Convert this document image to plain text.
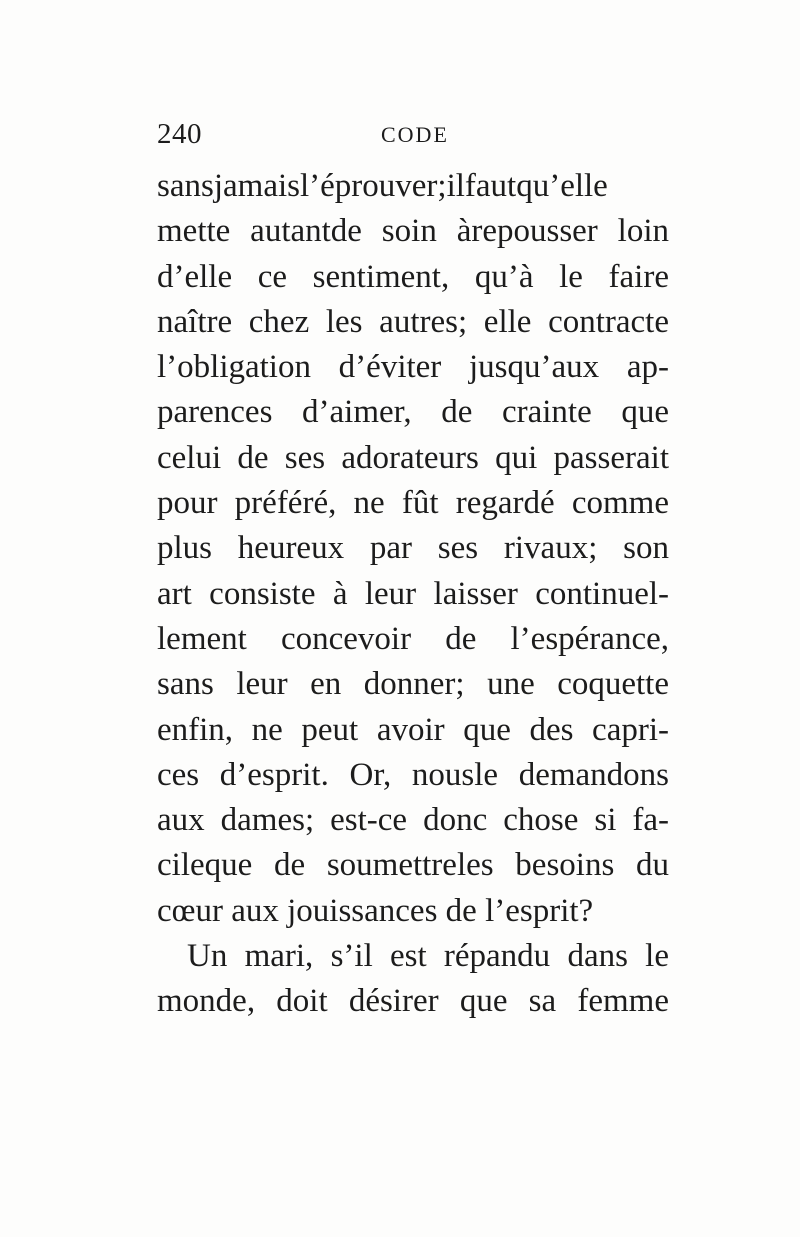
240	CODE
sansjamaisl’éprouver;ilfautqu’elle
mette autantde soin àrepousser loin
d’elle ce sentiment, qu’à le faire
naître chez les autres; elle contracte
l’obligation d’éviter jusqu’aux ap-
parences d’aimer, de crainte que
celui de ses adorateurs qui passerait
pour préféré, ne fût regardé comme
plus heureux par ses rivaux; son
art consiste à leur laisser continuel-
lement concevoir de l’espérance,
sans leur en donner; une coquette
enfin, ne peut avoir que des capri-
ces d’esprit. Or, nousle demandons
aux dames; est-ce donc chose si fa-
cileque de soumettreles besoins du
cœur aux jouissances de l’esprit?
Un mari, s’il est répandu dans le
monde, doit désirer que sa femme
